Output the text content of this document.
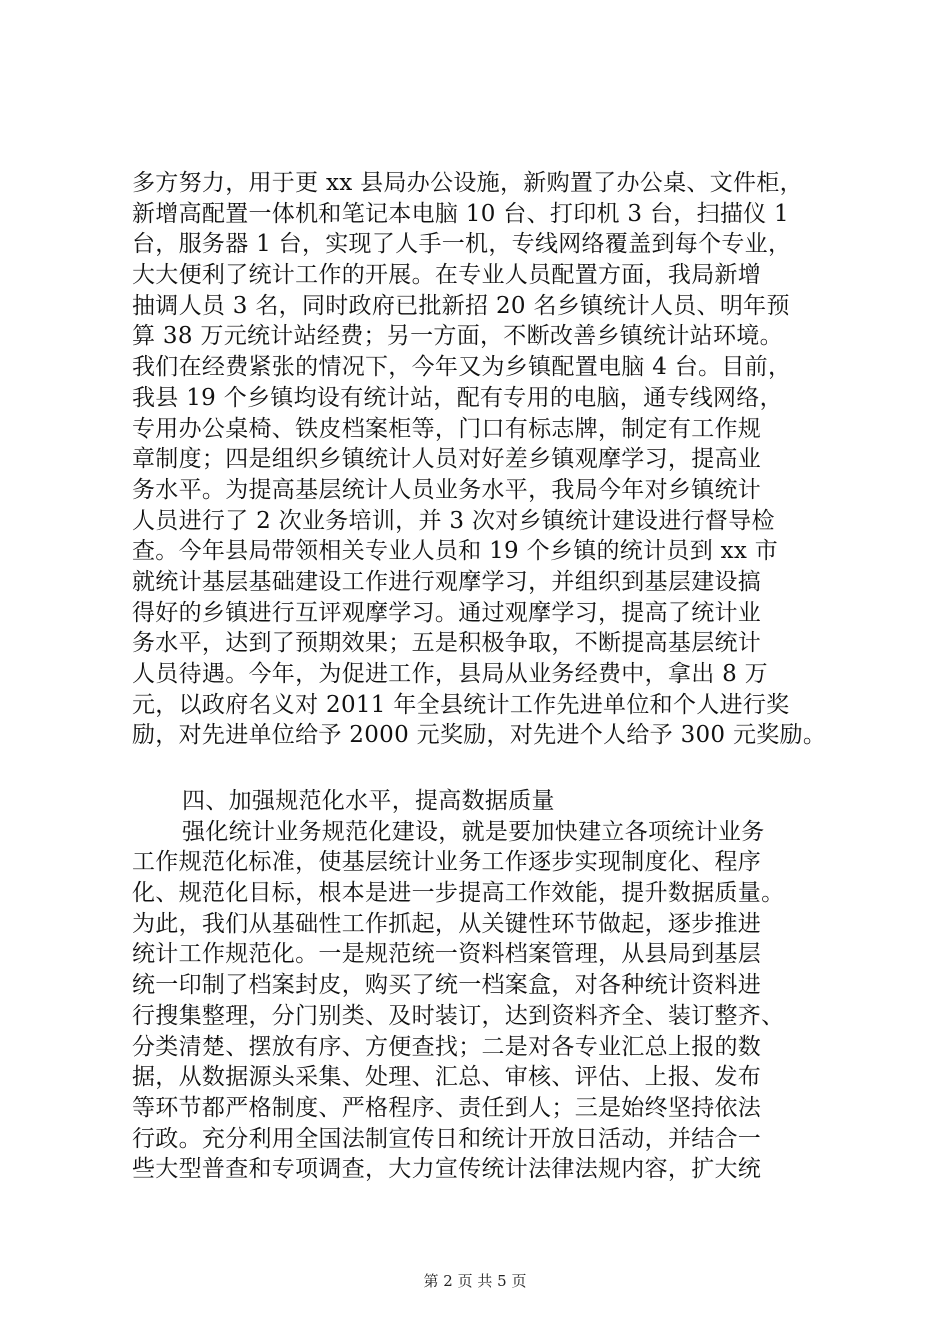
多方努力，用于更 xx 县局办公设施，新购置了办公桌、文件柜，
新增高配置一体机和笔记本电脑 10 台、打印机 3 台，扫描仪 1
台，服务器 1 台，实现了人手一机，专线网络覆盖到每个专业，
大大便利了统计工作的开展。在专业人员配置方面，我局新增
抽调人员 3 名，同时政府已批新招 20 名乡镇统计人员、明年预
算 38 万元统计站经费；另一方面，不断改善乡镇统计站环境。
我们在经费紧张的情况下，今年又为乡镇配置电脑 4 台。目前，
我县 19 个乡镇均设有统计站，配有专用的电脑，通专线网络，
专用办公桌椅、铁皮档案柜等，门口有标志牌，制定有工作规
章制度；四是组织乡镇统计人员对好差乡镇观摩学习，提高业
务水平。为提高基层统计人员业务水平，我局今年对乡镇统计
人员进行了 2 次业务培训，并 3 次对乡镇统计建设进行督导检
查。今年县局带领相关专业人员和 19 个乡镇的统计员到 xx 市
就统计基层基础建设工作进行观摩学习，并组织到基层建设搞
得好的乡镇进行互评观摩学习。通过观摩学习，提高了统计业
务水平，达到了预期效果；五是积极争取，不断提高基层统计
人员待遇。今年，为促进工作，县局从业务经费中，拿出 8 万
元，以政府名义对 2011 年全县统计工作先进单位和个人进行奖
励，对先进单位给予 2000 元奖励，对先进个人给予 300 元奖励。
四、加强规范化水平，提高数据质量
强化统计业务规范化建设，就是要加快建立各项统计业务
工作规范化标准，使基层统计业务工作逐步实现制度化、程序
化、规范化目标，根本是进一步提高工作效能，提升数据质量。
为此，我们从基础性工作抓起，从关键性环节做起，逐步推进
统计工作规范化。一是规范统一资料档案管理，从县局到基层
统一印制了档案封皮，购买了统一档案盒，对各种统计资料进
行搜集整理，分门别类、及时装订，达到资料齐全、装订整齐、
分类清楚、摆放有序、方便查找；二是对各专业汇总上报的数
据，从数据源头采集、处理、汇总、审核、评估、上报、发布
等环节都严格制度、严格程序、责任到人；三是始终坚持依法
行政。充分利用全国法制宣传日和统计开放日活动，并结合一
些大型普查和专项调查，大力宣传统计法律法规内容，扩大统
第 2 页 共 5 页
